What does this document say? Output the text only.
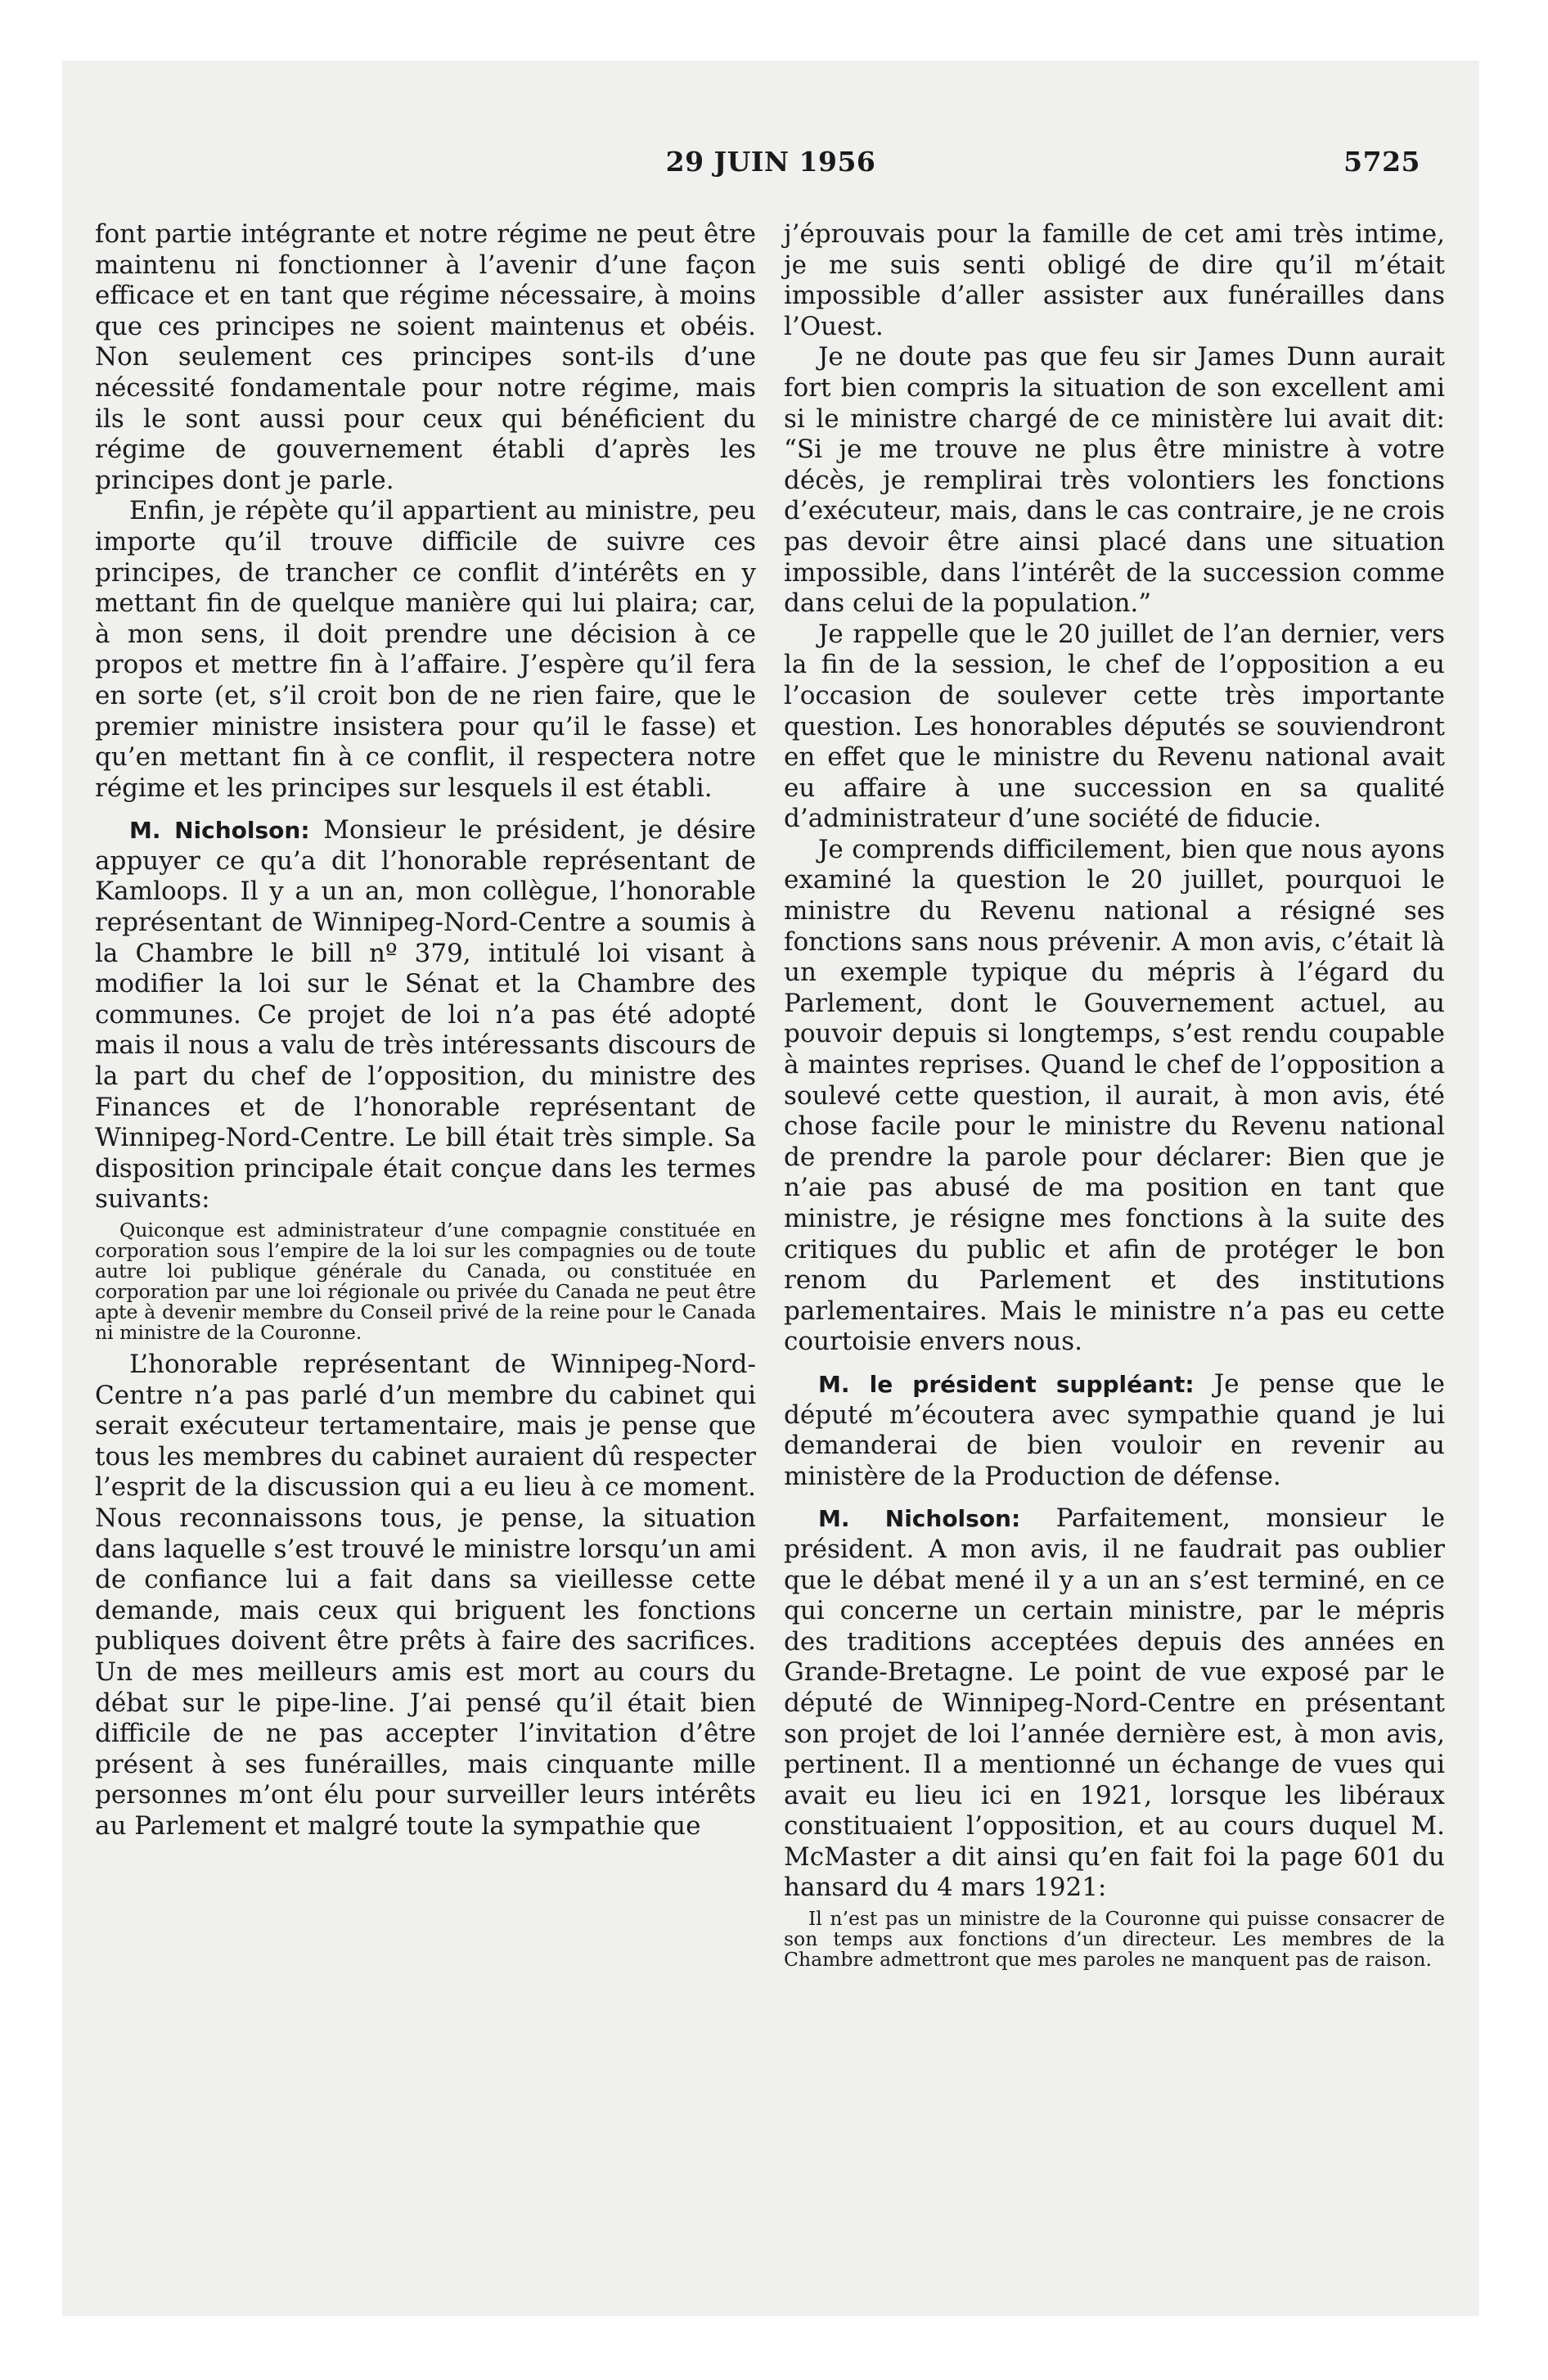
29 JUIN 1956	5725

font partie intégrante et notre régime ne peut être maintenu ni fonctionner à l’avenir d’une façon efficace et en tant que régime nécessaire, à moins que ces principes ne soient maintenus et obéis. Non seulement ces principes sont-ils d’une nécessité fondamentale pour notre régime, mais ils le sont aussi pour ceux qui bénéficient du régime de gouvernement établi d’après les principes dont je parle.

Enfin, je répète qu’il appartient au ministre, peu importe qu’il trouve difficile de suivre ces principes, de trancher ce conflit d’intérêts en y mettant fin de quelque manière qui lui plaira; car, à mon sens, il doit prendre une décision à ce propos et mettre fin à l’affaire. J’espère qu’il fera en sorte (et, s’il croit bon de ne rien faire, que le premier ministre insistera pour qu’il le fasse) et qu’en mettant fin à ce conflit, il respectera notre régime et les principes sur lesquels il est établi.

M. Nicholson: Monsieur le président, je désire appuyer ce qu’a dit l’honorable représentant de Kamloops. Il y a un an, mon collègue, l’honorable représentant de Winnipeg-Nord-Centre a soumis à la Chambre le bill nº 379, intitulé loi visant à modifier la loi sur le Sénat et la Chambre des communes. Ce projet de loi n’a pas été adopté mais il nous a valu de très intéressants discours de la part du chef de l’opposition, du ministre des Finances et de l’honorable représentant de Winnipeg-Nord-Centre. Le bill était très simple. Sa disposition principale était conçue dans les termes suivants:

Quiconque est administrateur d’une compagnie constituée en corporation sous l’empire de la loi sur les compagnies ou de toute autre loi publique générale du Canada, ou constituée en corporation par une loi régionale ou privée du Canada ne peut être apte à devenir membre du Conseil privé de la reine pour le Canada ni ministre de la Couronne.

L’honorable représentant de Winnipeg-Nord-Centre n’a pas parlé d’un membre du cabinet qui serait exécuteur tertamentaire, mais je pense que tous les membres du cabinet auraient dû respecter l’esprit de la discussion qui a eu lieu à ce moment. Nous reconnaissons tous, je pense, la situation dans laquelle s’est trouvé le ministre lorsqu’un ami de confiance lui a fait dans sa vieillesse cette demande, mais ceux qui briguent les fonctions publiques doivent être prêts à faire des sacrifices. Un de mes meilleurs amis est mort au cours du débat sur le pipe-line. J’ai pensé qu’il était bien difficile de ne pas accepter l’invitation d’être présent à ses funérailles, mais cinquante mille personnes m’ont élu pour surveiller leurs intérêts au Parlement et malgré toute la sympathie que

j’éprouvais pour la famille de cet ami très intime, je me suis senti obligé de dire qu’il m’était impossible d’aller assister aux funérailles dans l’Ouest.

Je ne doute pas que feu sir James Dunn aurait fort bien compris la situation de son excellent ami si le ministre chargé de ce ministère lui avait dit: “Si je me trouve ne plus être ministre à votre décès, je remplirai très volontiers les fonctions d’exécuteur, mais, dans le cas contraire, je ne crois pas devoir être ainsi placé dans une situation impossible, dans l’intérêt de la succession comme dans celui de la population.”

Je rappelle que le 20 juillet de l’an dernier, vers la fin de la session, le chef de l’opposition a eu l’occasion de soulever cette très importante question. Les honorables députés se souviendront en effet que le ministre du Revenu national avait eu affaire à une succession en sa qualité d’administrateur d’une société de fiducie.

Je comprends difficilement, bien que nous ayons examiné la question le 20 juillet, pourquoi le ministre du Revenu national a résigné ses fonctions sans nous prévenir. A mon avis, c’était là un exemple typique du mépris à l’égard du Parlement, dont le Gouvernement actuel, au pouvoir depuis si longtemps, s’est rendu coupable à maintes reprises. Quand le chef de l’opposition a soulevé cette question, il aurait, à mon avis, été chose facile pour le ministre du Revenu national de prendre la parole pour déclarer: Bien que je n’aie pas abusé de ma position en tant que ministre, je résigne mes fonctions à la suite des critiques du public et afin de protéger le bon renom du Parlement et des institutions parlementaires. Mais le ministre n’a pas eu cette courtoisie envers nous.

M. le président suppléant: Je pense que le député m’écoutera avec sympathie quand je lui demanderai de bien vouloir en revenir au ministère de la Production de défense.

M. Nicholson: Parfaitement, monsieur le président. A mon avis, il ne faudrait pas oublier que le débat mené il y a un an s’est terminé, en ce qui concerne un certain ministre, par le mépris des traditions acceptées depuis des années en Grande-Bretagne. Le point de vue exposé par le député de Winnipeg-Nord-Centre en présentant son projet de loi l’année dernière est, à mon avis, pertinent. Il a mentionné un échange de vues qui avait eu lieu ici en 1921, lorsque les libéraux constituaient l’opposition, et au cours duquel M. McMaster a dit ainsi qu’en fait foi la page 601 du hansard du 4 mars 1921:

Il n’est pas un ministre de la Couronne qui puisse consacrer de son temps aux fonctions d’un directeur. Les membres de la Chambre admettront que mes paroles ne manquent pas de raison.
